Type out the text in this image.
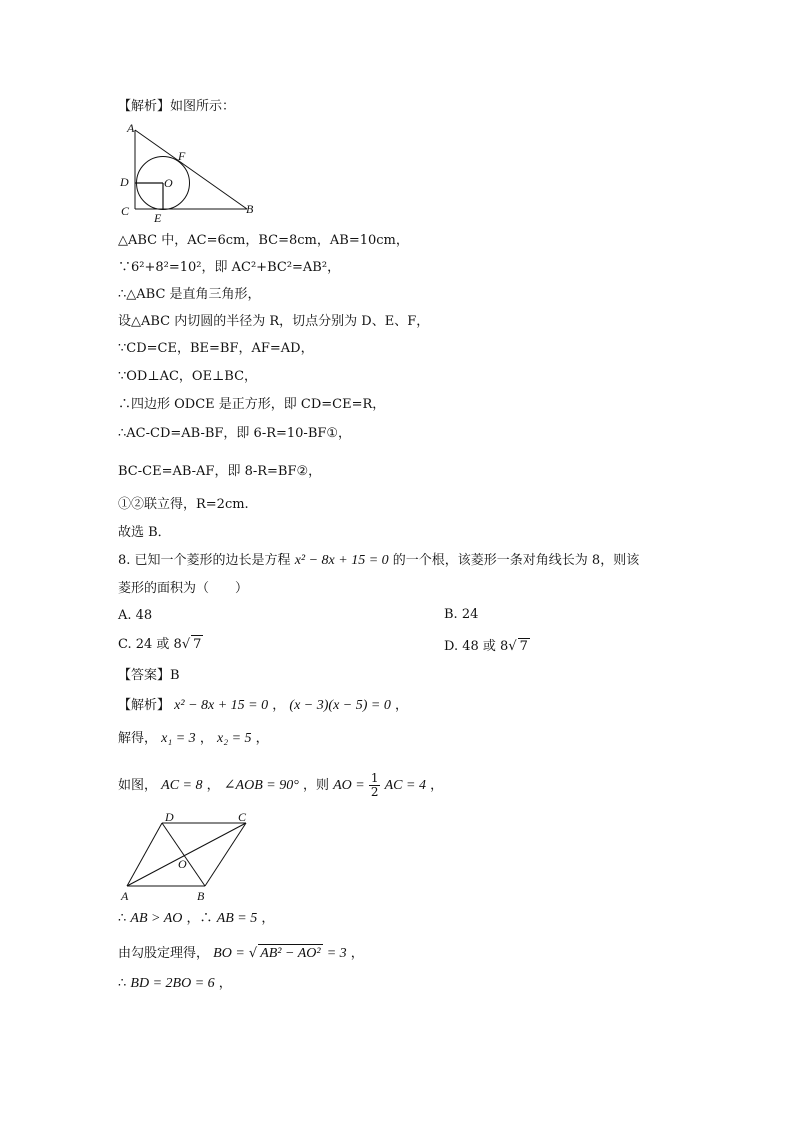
【解析】如图所示：
A
F
D	O
C E
B
△ABC 中，AC=6cm，BC=8cm，AB=10cm，
∵6²+8²=10²，即 AC²+BC²=AB²，
∴△ABC 是直角三角形，
设△ABC 内切圆的半径为 R，切点分别为 D、E、F，
∵CD=CE，BE=BF，AF=AD，
∵OD⊥AC，OE⊥BC，
∴四边形 ODCE 是正方形，即 CD=CE=R，
∴AC-CD=AB-BF，即 6-R=10-BF①，
BC-CE=AB-AF，即 8-R=BF②，
①②联立得，R=2cm.
故选 B．
8. 已知一个菱形的边长是方程 x² − 8x + 15 = 0 的一个根，该菱形一条对角线长为 8，则该
菱形的面积为（　　）
A. 48	B. 24
C. 24 或 8√ 7	D. 48 或 8√ 7
【答案】B
【解析】 x² − 8x + 15 = 0 ， (x − 3)(x − 5) = 0 ，
解得， x₁ = 3 ， x₂ = 5 ，
如图， AC = 8 ， ∠AOB = 90° ，则 AO = $\frac{1}{2}$ AC = 4 ，
D	C
O
A	B
∴ AB > AO ，∴ AB = 5 ，
由勾股定理得， BO = √ AB² − AO² = 3 ，
∴ BD = 2BO = 6 ，
